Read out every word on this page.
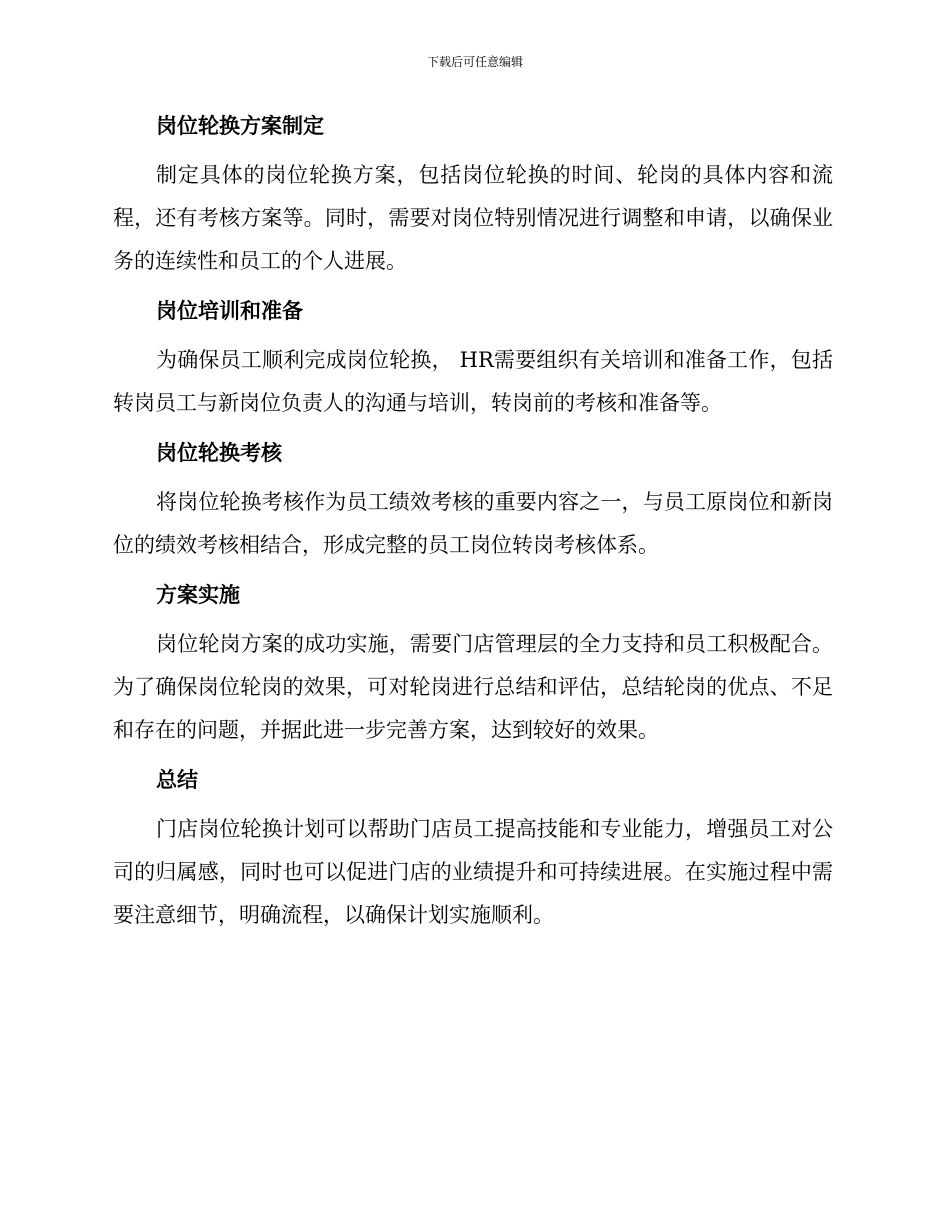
下载后可任意编辑
岗位轮换方案制定

制定具体的岗位轮换方案，包括岗位轮换的时间、轮岗的具体内容和流程，还有考核方案等。同时，需要对岗位特别情况进行调整和申请，以确保业务的连续性和员工的个人进展。

岗位培训和准备

为确保员工顺利完成岗位轮换， HR需要组织有关培训和准备工作，包括转岗员工与新岗位负责人的沟通与培训，转岗前的考核和准备等。

岗位轮换考核

将岗位轮换考核作为员工绩效考核的重要内容之一，与员工原岗位和新岗位的绩效考核相结合，形成完整的员工岗位转岗考核体系。

方案实施

岗位轮岗方案的成功实施，需要门店管理层的全力支持和员工积极配合。为了确保岗位轮岗的效果，可对轮岗进行总结和评估，总结轮岗的优点、不足和存在的问题，并据此进一步完善方案，达到较好的效果。

总结

门店岗位轮换计划可以帮助门店员工提高技能和专业能力，增强员工对公司的归属感，同时也可以促进门店的业绩提升和可持续进展。在实施过程中需要注意细节，明确流程，以确保计划实施顺利。
